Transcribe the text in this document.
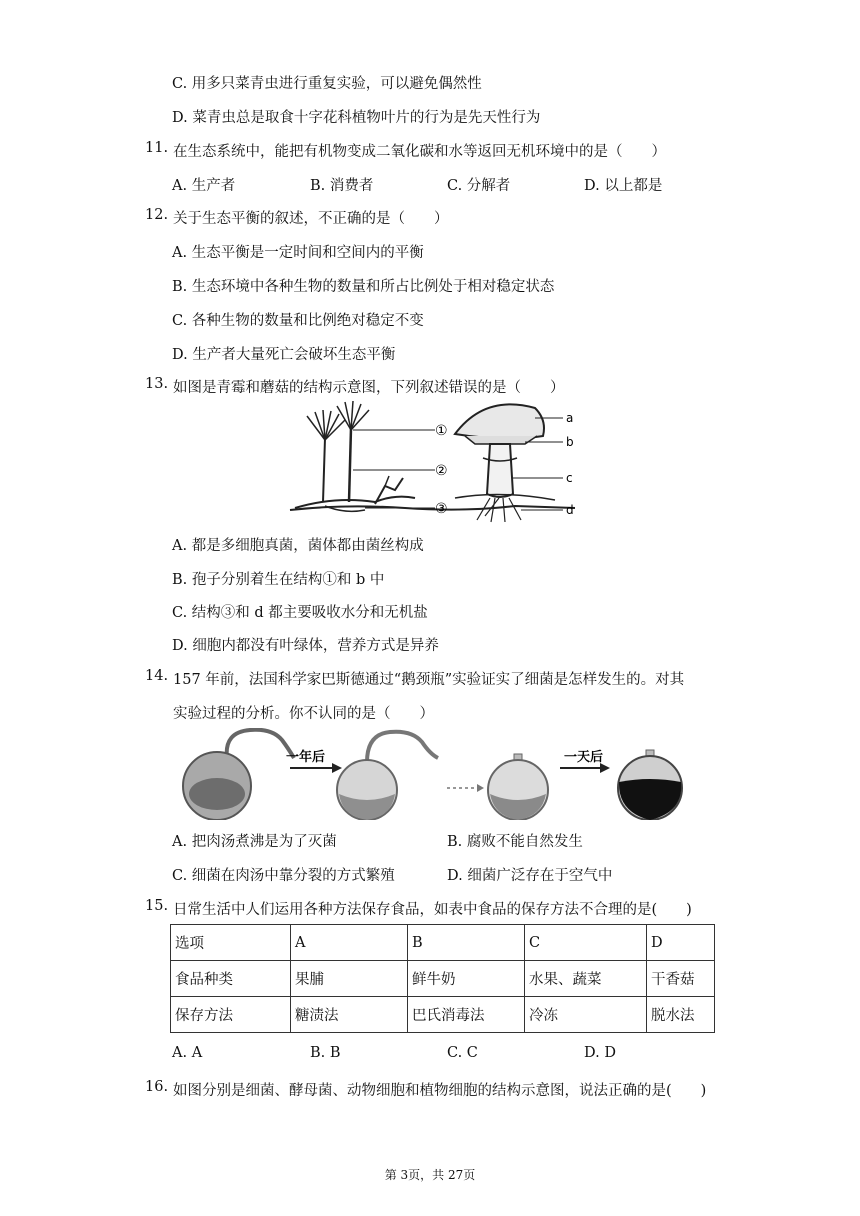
C. 用多只菜青虫进行重复实验，可以避免偶然性
D. 菜青虫总是取食十字花科植物叶片的行为是先天性行为
11. 在生态系统中，能把有机物变成二氧化碳和水等返回无机环境中的是（　　）
A. 生产者	B. 消费者	C. 分解者	D. 以上都是
12. 关于生态平衡的叙述，不正确的是（　　）
A. 生态平衡是一定时间和空间内的平衡
B. 生态环境中各种生物的数量和所占比例处于相对稳定状态
C. 各种生物的数量和比例绝对稳定不变
D. 生产者大量死亡会破坏生态平衡
13. 如图是青霉和蘑菇的结构示意图，下列叙述错误的是（　　）
①
②
③
a
b
c
d
A. 都是多细胞真菌，菌体都由菌丝构成
B. 孢子分别着生在结构①和 b 中
C. 结构③和 d 都主要吸收水分和无机盐
D. 细胞内都没有叶绿体，营养方式是异养
14. 157 年前，法国科学家巴斯德通过“鹅颈瓶”实验证实了细菌是怎样发生的。对其
实验过程的分析。你不认同的是（　　）
一年后	一天后
A. 把肉汤煮沸是为了灭菌	B. 腐败不能自然发生
C. 细菌在肉汤中靠分裂的方式繁殖	D. 细菌广泛存在于空气中
15. 日常生活中人们运用各种方法保存食品，如表中食品的保存方法不合理的是(　　)
选项	A	B	C	D
食品种类	果脯	鲜牛奶	水果、蔬菜	干香菇
保存方法	糖渍法	巴氏消毒法	冷冻	脱水法
A. A	B. B	C. C	D. D
16. 如图分别是细菌、酵母菌、动物细胞和植物细胞的结构示意图，说法正确的是(　　)
第 3页，共 27页
